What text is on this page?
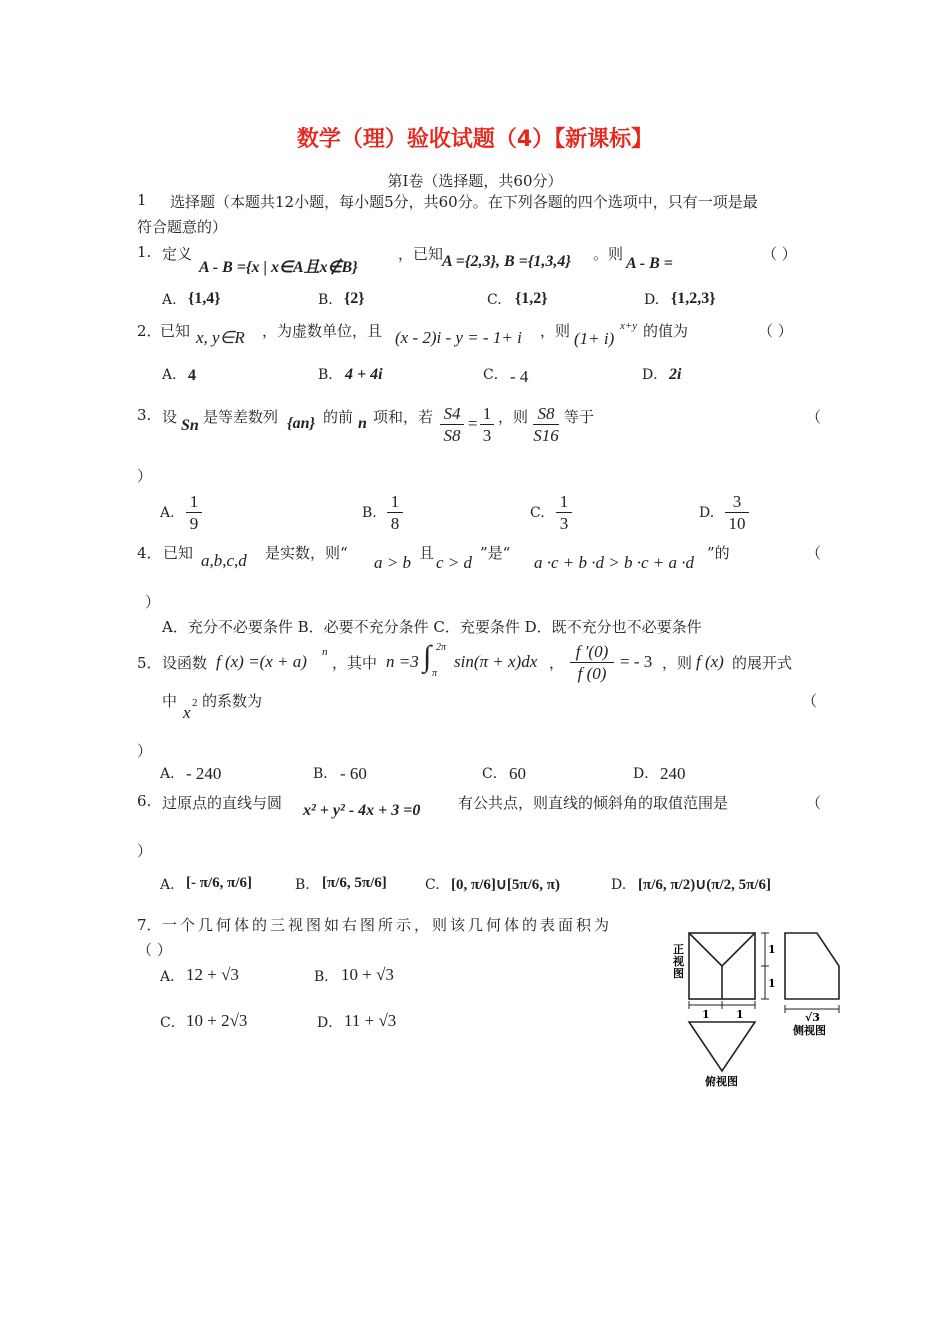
数学（理）验收试题（4）【新课标】
第Ⅰ卷（选择题，共60分）
1 选择题（本题共12小题，每小题5分，共60分。在下列各题的四个选项中，只有一项是最
符合题意的）
1. 定义
A - B ={x | x∈A且x∉B}
，已知
A ={2,3}, B ={1,3,4} 。则
A - B =
（ ）
A. {1,4}	B. {2}	C. {1,2}	D. {1,2,3}
2．
已知 x, y∈R ，为虚数单位，且 (x - 2)i - y = - 1+ i ，则 (1+ i)
x+y 的值为	（ ）
A． 4	B． 4 + 4i	C． - 4	D． 2i
3. 设 Sn 是等差数列 {an} 的前 n 项和，若 S4
S8
=
1
3
，则 S8
S16
等于	（
）
A.
1
9
B.
1
8
C.
1
3
D.
3
10
4． 已知 a,b,c,d 是实数，则“ a > b 且 c > d ”是“ a ·c + b ·d > b ·c + a ·d ”的	（
）
A．充分不必要条件 B．必要不充分条件 C．充要条件 D．既不充分也不必要条件
5． 设函数 f (x) =(x + a) n
，其中 n =3 ∫ 2π
π
sin(π + x)dx ，
f ′(0)
f (0)
= - 3 ，则 f (x) 的展开式
中
x 2 的系数为	（
）
A． - 240	B． - 60	C． 60	D． 240
6. 过原点的直线与圆 x² + y² - 4x + 3 =0	有公共点，则直线的倾斜角的取值范围是	（
）
A. [- π/6, π/6]	B. [π/6, 5π/6]	C. [0, π/6]∪[5π/6, π)	D. [π/6, π/2)∪(π/2, 5π/6]
7． 一个几何体的三视图如右图所示，则该几何体的表面积为
（ ）
A． 12 + √3	B． 10 + √3
C． 10 + 2√3	D． 11 + √3
正视图
1
1
1 1	√3
侧视图
俯视图
